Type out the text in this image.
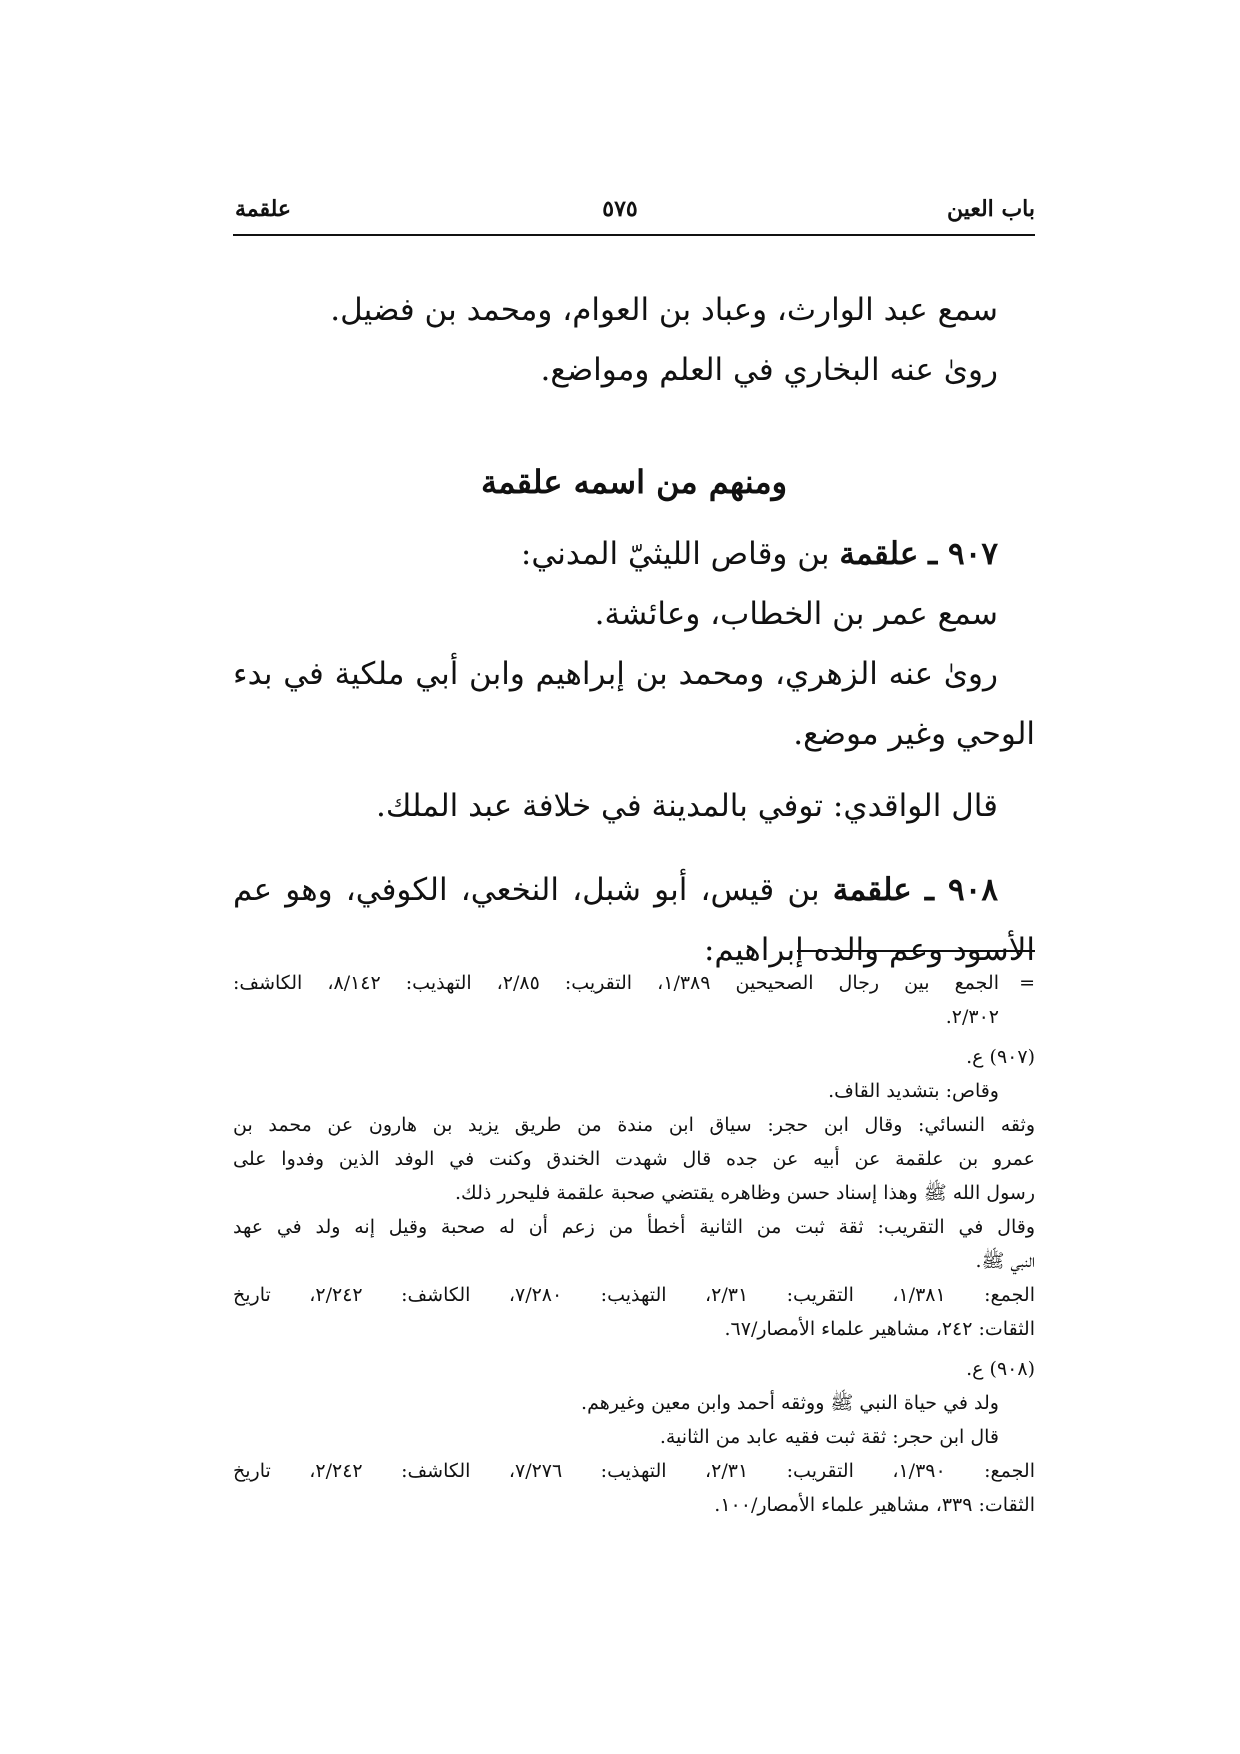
باب العين
٥٧٥
علقمة
سمع عبد الوارث، وعباد بن العوام، ومحمد بن فضيل.
روىٰ عنه البخاري في العلم ومواضع.
ومنهم من اسمه علقمة
٩٠٧ ـ علقمة بن وقاص الليثيّ المدني:
سمع عمر بن الخطاب، وعائشة.
روىٰ عنه الزهري، ومحمد بن إبراهيم وابن أبي ملكية في بدء
الوحي وغير موضع.
قال الواقدي: توفي بالمدينة في خلافة عبد الملك.
٩٠٨ ـ علقمة بن قيس، أبو شبل، النخعي، الكوفي، وهو عم
الأسود وعم والده إبراهيم:
=الجمع بين رجال الصحيحين ١/٣٨٩، التقريب: ٢/٨٥، التهذيب: ٨/١٤٢، الكاشف:
٢/٣٠٢.
(٩٠٧) ع.
وقاص: بتشديد القاف.
وثقه النسائي: وقال ابن حجر: سياق ابن مندة من طريق يزيد بن هارون عن محمد بن
عمرو بن علقمة عن أبيه عن جده قال شهدت الخندق وكنت في الوفد الذين وفدوا على
رسول الله ﷺ وهذا إسناد حسن وظاهره يقتضي صحبة علقمة فليحرر ذلك.
وقال في التقريب: ثقة ثبت من الثانية أخطأ من زعم أن له صحبة وقيل إنه ولد في عهد
النبي ﷺ.
الجمع: ١/٣٨١، التقريب: ٢/٣١، التهذيب: ٧/٢٨٠، الكاشف: ٢/٢٤٢، تاريخ
الثقات: ٢٤٢، مشاهير علماء الأمصار/٦٧.
(٩٠٨) ع.
ولد في حياة النبي ﷺ ووثقه أحمد وابن معين وغيرهم.
قال ابن حجر: ثقة ثبت فقيه عابد من الثانية.
الجمع: ١/٣٩٠، التقريب: ٢/٣١، التهذيب: ٧/٢٧٦، الكاشف: ٢/٢٤٢، تاريخ
الثقات: ٣٣٩، مشاهير علماء الأمصار/١٠٠.
